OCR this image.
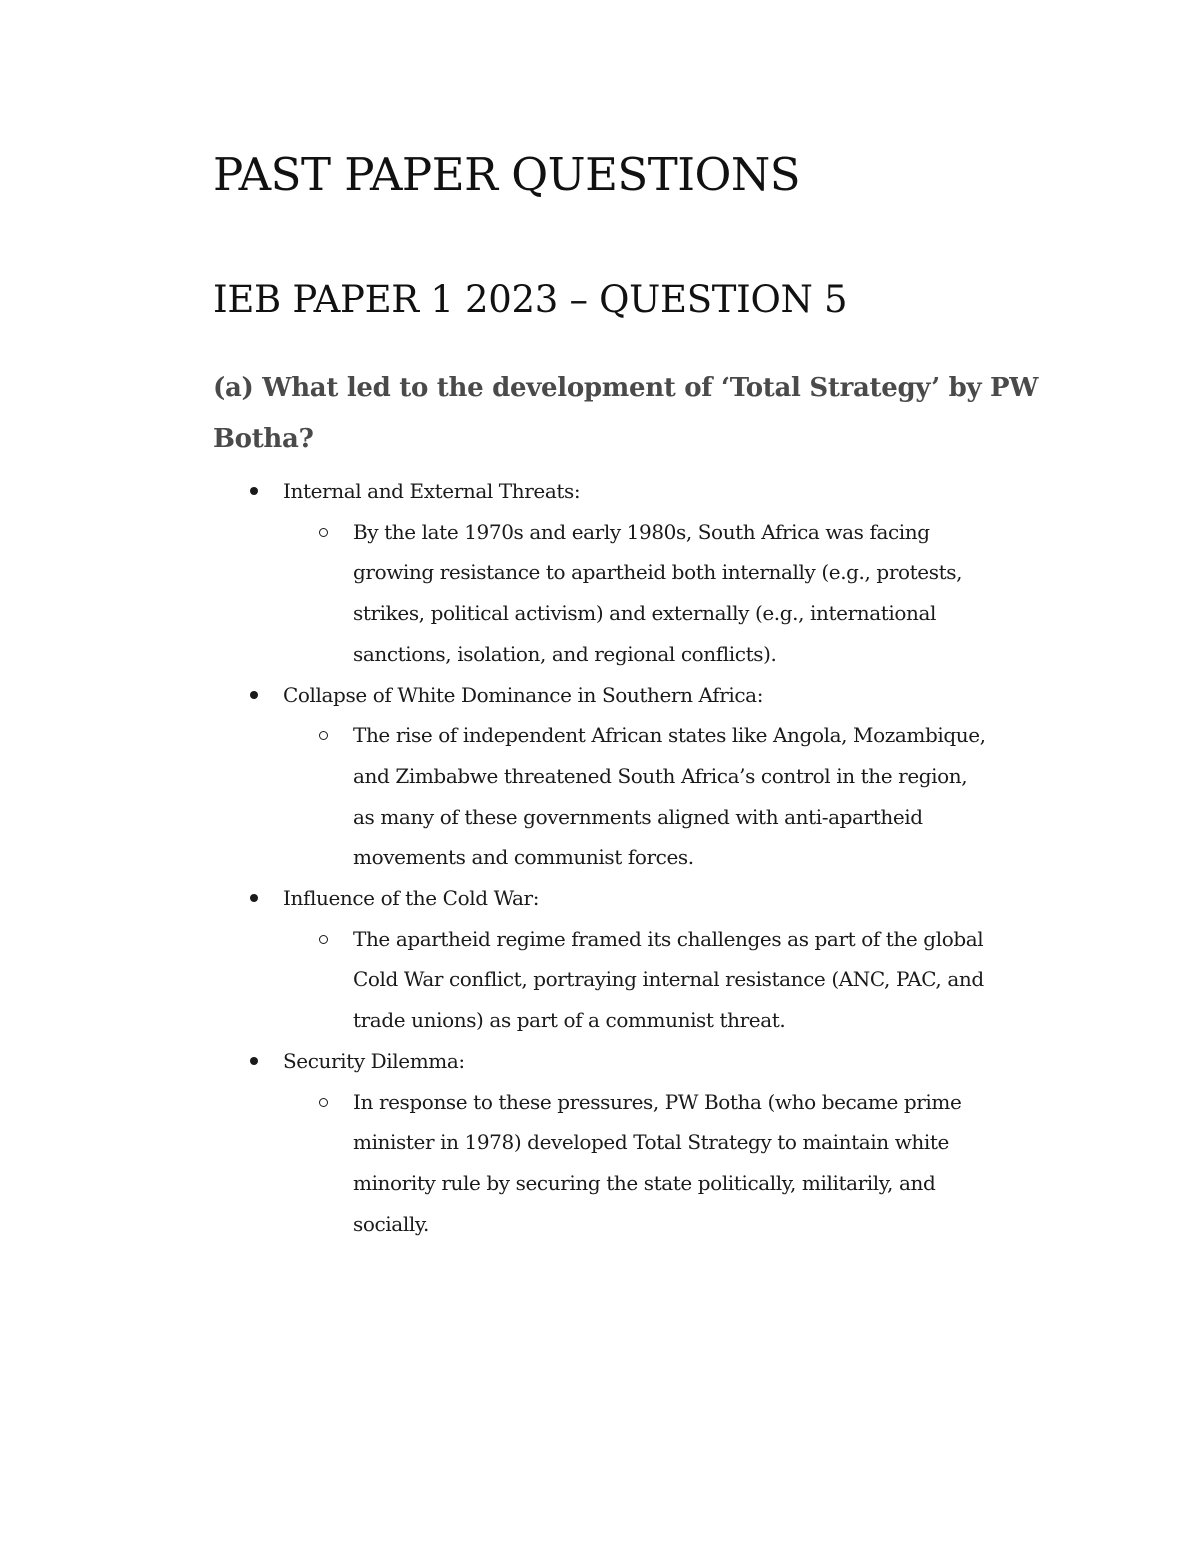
PAST PAPER QUESTIONS
IEB PAPER 1 2023 – QUESTION 5
(a) What led to the development of ‘Total Strategy’ by PW Botha?
Internal and External Threats:
By the late 1970s and early 1980s, South Africa was facing growing resistance to apartheid both internally (e.g., protests, strikes, political activism) and externally (e.g., international sanctions, isolation, and regional conflicts).
Collapse of White Dominance in Southern Africa:
The rise of independent African states like Angola, Mozambique, and Zimbabwe threatened South Africa’s control in the region, as many of these governments aligned with anti-apartheid movements and communist forces.
Influence of the Cold War:
The apartheid regime framed its challenges as part of the global Cold War conflict, portraying internal resistance (ANC, PAC, and trade unions) as part of a communist threat.
Security Dilemma:
In response to these pressures, PW Botha (who became prime minister in 1978) developed Total Strategy to maintain white minority rule by securing the state politically, militarily, and socially.
